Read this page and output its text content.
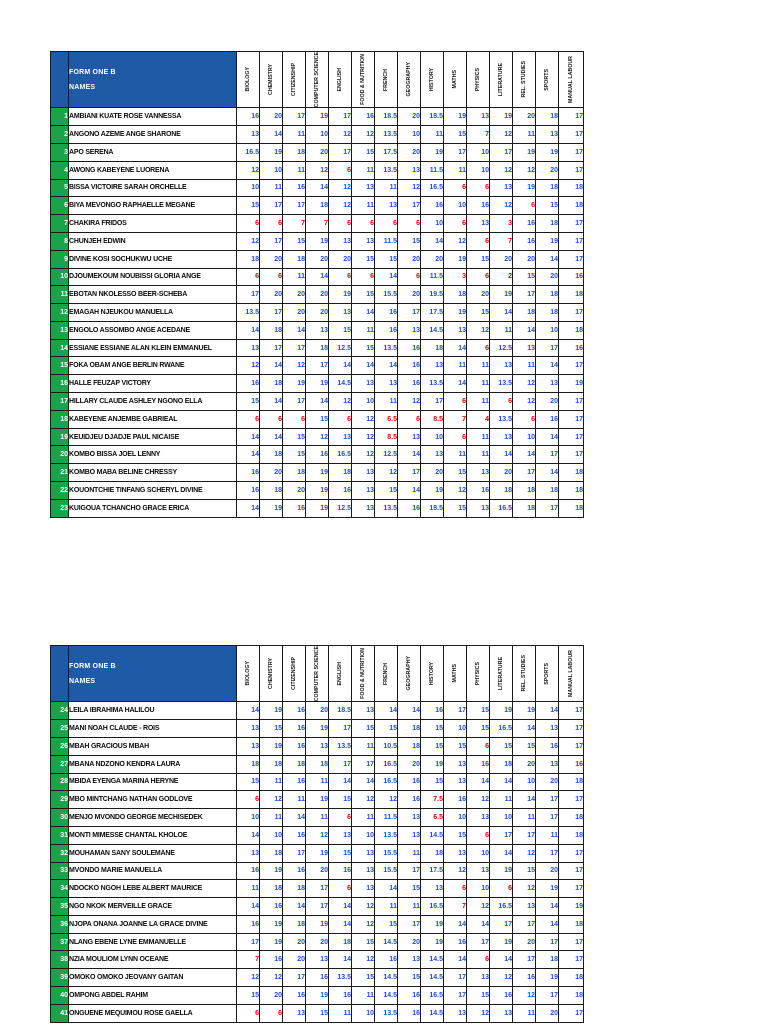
	FORM ONE B
NAMES	BIOLOGY	CHEMISTRY	CITIZENSHIP	COMPUTER SCIENCE	ENGLISH	FOOD & NUTRITION	FRENCH	GEOGRAPHY	HISTORY	MATHS	PHYSICS	LITERATURE	REL. STUDIES	SPORTS	MANUAL LABOUR

1	AMBIANI KUATE ROSE VANNESSA	16	20	17	19	17	16	18.5	20	18.5	19	13	19	20	18	17
2	ANGONO AZEME ANGE SHARONE	13	14	11	10	12	12	13.5	10	11	15	7	12	11	13	17
3	APO SERENA	16.5	19	18	20	17	15	17.5	20	19	17	10	17	19	19	17
4	AWONG KABEYENE LUORENA	12	10	11	12	6	11	13.5	13	11.5	11	10	12	12	20	17
5	BISSA VICTOIRE SARAH ORCHELLE	10	11	16	14	12	13	11	12	16.5	6	6	13	19	18	18
6	BIYA MEVONGO RAPHAELLE MEGANE	15	17	17	18	12	11	13	17	16	10	16	12	6	15	18
7	CHAKIRA FRIDOS	6	6	7	7	6	6	6	6	10	6	13	3	16	18	17
8	CHUNJEH EDWIN	12	17	15	19	13	13	11.5	15	14	12	6	7	16	19	17
9	DIVINE KOSI SOCHUKWU UCHE	18	20	18	20	20	15	15	20	20	19	15	20	20	14	17
10	DJOUMEKOUM NOUBISSI GLORIA ANGE	6	6	11	14	6	6	14	6	11.5	3	6	2	15	20	16
11	EBOTAN NKOLESSO BEER-SCHEBA	17	20	20	20	19	15	15.5	20	19.5	18	20	19	17	18	18
12	EMAGAH NJEUKOU MANUELLA	13.5	17	20	20	13	14	16	17	17.5	19	15	14	18	18	17
13	ENGOLO ASSOMBO ANGE ACEDANE	14	18	14	13	15	11	16	13	14.5	13	12	11	14	10	18
14	ESSIANE ESSIANE ALAN KLEIN EMMANUEL	13	17	17	18	12.5	15	13.5	16	18	14	6	12.5	13	17	16
15	FOKA OBAM ANGE BERLIN RWANE	12	14	12	17	14	14	14	16	13	11	11	13	11	14	17
16	HALLE FEUZAP VICTORY	16	18	19	19	14.5	13	13	16	13.5	14	11	13.5	12	13	19
17	HILLARY CLAUDE ASHLEY NGONO ELLA	15	14	17	14	12	10	11	12	17	6	11	6	12	20	17
18	KABEYENE ANJEMBE GABRIEAL	6	6	6	15	6	12	6.5	6	8.5	7	4	13.5	6	16	17
19	KEUIDJEU DJADJE PAUL NICAISE	14	14	15	12	13	12	8.5	13	10	6	11	13	10	14	17
20	KOMBO BISSA JOEL LENNY	14	18	15	16	16.5	12	12.5	14	13	11	11	14	14	17	17
21	KOMBO MABA BELINE CHRESSY	16	20	18	19	18	13	12	17	20	15	13	20	17	14	18
22	KOUONTCHIE TINFANG SCHERYL DIVINE	16	18	20	19	16	13	15	14	19	12	16	18	18	18	18
23	KUIGOUA TCHANCHO GRACE ERICA	14	19	16	19	12.5	13	13.5	16	18.5	15	13	16.5	18	17	18

	FORM ONE B
NAMES	BIOLOGY	CHEMISTRY	CITIZENSHIP	COMPUTER SCIENCE	ENGLISH	FOOD & NUTRITION	FRENCH	GEOGRAPHY	HISTORY	MATHS	PHYSICS	LITERATURE	REL. STUDIES	SPORTS	MANUAL LABOUR

24	LEILA IBRAHIMA HALILOU	14	19	16	20	18.5	13	14	14	16	17	15	19	19	14	17
25	MANI NOAH CLAUDE - ROIS	13	15	16	19	17	15	15	18	15	10	15	16.5	14	13	17
26	MBAH GRACIOUS MBAH	13	19	16	13	13.5	11	10.5	18	15	15	6	15	15	16	17
27	MBANA NDZONO KENDRA LAURA	18	18	18	18	17	17	16.5	20	19	13	16	18	20	13	16
28	MBIDA EYENGA MARINA HERYNE	15	11	16	11	14	14	16.5	16	15	13	14	14	10	20	18
29	MBO MINTCHANG NATHAN GODLOVE	6	12	11	19	15	12	12	16	7.5	16	12	11	14	17	17
30	MENJO MVONDO GEORGE MECHISEDEK	10	11	14	11	6	11	11.5	13	6.5	10	13	10	11	17	18
31	MONTI MIMESSE CHANTAL KHOLOE	14	10	16	12	13	10	13.5	13	14.5	15	6	17	17	11	18
32	MOUHAMAN SANY SOULEMANE	13	18	17	19	15	13	15.5	11	18	13	10	14	12	17	17
33	MVONDO MARIE MANUELLA	16	19	16	20	16	13	15.5	17	17.5	12	13	19	15	20	17
34	NDOCKO NGOH LEBE ALBERT MAURICE	11	18	18	17	6	13	14	15	13	6	10	6	12	19	17
35	NGO NKOK MERVEILLE GRACE	14	16	14	17	14	12	11	11	16.5	7	12	16.5	13	14	19
36	NJOPA ONANA JOANNE LA GRACE DIVINE	16	19	18	19	14	12	15	17	19	14	14	17	17	14	18
37	NLANG EBENE LYNE EMMANUELLE	17	19	20	20	18	15	14.5	20	19	16	17	19	20	17	17
38	NZIA MOULIOM LYNN OCEANE	7	16	20	13	14	12	16	13	14.5	14	6	14	17	18	17
39	OMOKO OMOKO JEOVANY GAITAN	12	12	17	16	13.5	15	14.5	15	14.5	17	13	12	16	19	18
40	OMPONG ABDEL RAHIM	15	20	16	19	16	11	14.5	16	16.5	17	15	16	12	17	18
41	ONGUENE MEQUIMOU ROSE GAELLA	6	6	13	15	11	10	13.5	16	14.5	13	12	13	11	20	17
